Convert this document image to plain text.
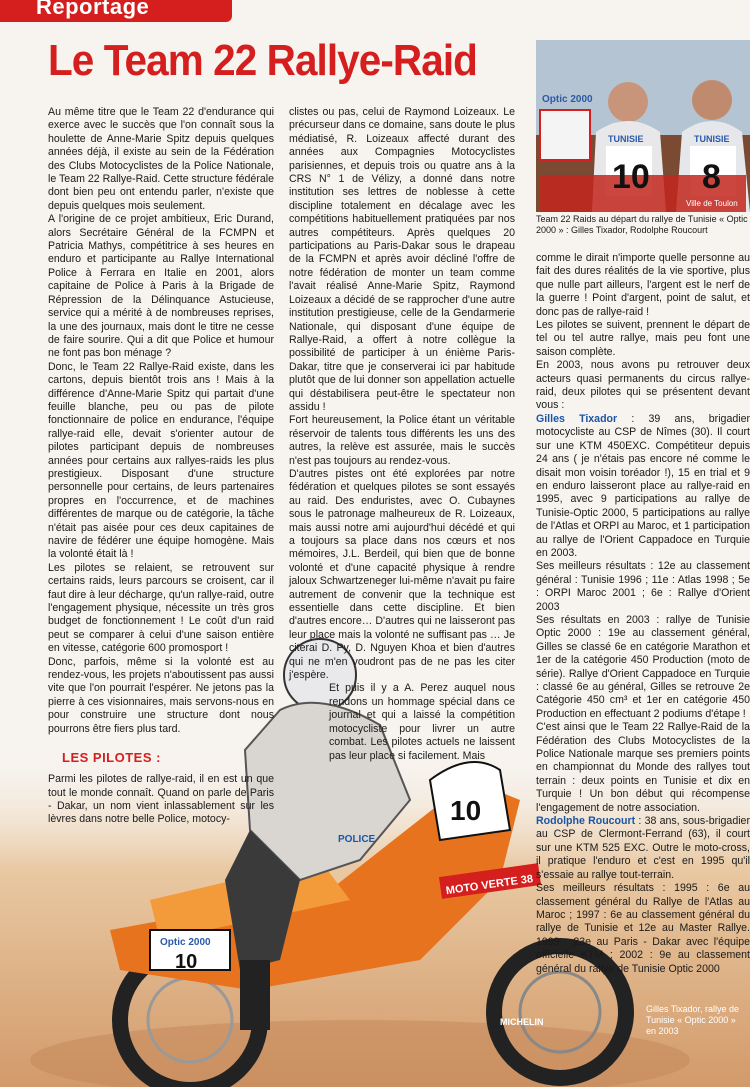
Reportage
Le Team 22 Rallye-Raid
Optic 2000
TUNISIE
10 8
TUNISIE
Ville de Toulon
Team 22 Raids au départ du rallye de Tunisie « Optic 2000 » : Gilles Tixador, Rodolphe Roucourt
10
MOTO VERTE 38
Optic 2000
10
POLICE
MICHELIN
Gilles Tixador, rallye de Tunisie « Optic 2000 » en 2003

Au même titre que le Team 22 d'endurance qui exerce avec le succès que l'on connaît sous la houlette de Anne-Marie Spitz depuis quelques années déjà, il existe au sein de la Fédération des Clubs Motocyclistes de la Police Nationale, le Team 22 Rallye-Raid. Cette structure fédérale dont bien peu ont entendu parler, n'existe que depuis quelques mois seulement.

A l'origine de ce projet ambitieux, Eric Durand, alors Secrétaire Général de la FCMPN et Patricia Mathys, compétitrice à ses heures en enduro et participante au Rallye International Police à Ferrara en Italie en 2001, alors capitaine de Police à Paris à la Brigade de Répression de la Délinquance Astucieuse, service qui a mérité à de nombreuses reprises, la une des journaux, mais dont le titre ne cesse de faire sourire. Qui a dit que Police et humour ne font pas bon ménage ?

Donc, le Team 22 Rallye-Raid existe, dans les cartons, depuis bientôt trois ans ! Mais à la différence d'Anne-Marie Spitz qui partait d'une feuille blanche, peu ou pas de pilote fonctionnaire de police en endurance, l'équipe rallye-raid elle, devait s'orienter autour de pilotes participant depuis de nombreuses années pour certains aux rallyes-raids les plus prestigieux. Disposant d'une structure personnelle pour certains, de leurs partenaires propres en l'occurrence, et de machines différentes de marque ou de catégorie, la tâche n'était pas aisée pour ces deux capitaines de navire de fédérer une équipe homogène. Mais la volonté était là !

Les pilotes se relaient, se retrouvent sur certains raids, leurs parcours se croisent, car il faut dire à leur décharge, qu'un rallye-raid, outre l'engagement physique, nécessite un très gros budget de fonctionnement ! Le coût d'un raid peut se comparer à celui d'une saison entière en vitesse, catégorie 600 promosport !

Donc, parfois, même si la volonté est au rendez-vous, les projets n'aboutissent pas aussi vite que l'on pourrait l'espérer. Ne jetons pas la pierre à ces visionnaires, mais servons-nous en pour construire une structure dont nous pourrons être fiers plus tard.

LES PILOTES :

Parmi les pilotes de rallye-raid, il en est un que tout le monde connaît. Quand on parle de Paris - Dakar, un nom vient inlassablement sur les lèvres dans notre belle Police, motocy-

clistes ou pas, celui de Raymond Loizeaux. Le précurseur dans ce domaine, sans doute le plus médiatisé, R. Loizeaux affecté durant des années aux Compagnies Motocyclistes parisiennes, et depuis trois ou quatre ans à la CRS N° 1 de Vélizy, a donné dans notre institution ses lettres de noblesse à cette discipline totalement en décalage avec les compétitions habituellement pratiquées par nos autres compétiteurs. Après quelques 20 participations au Paris-Dakar sous le drapeau de la FCMPN et après avoir décliné l'offre de notre fédération de monter un team comme l'avait réalisé Anne-Marie Spitz, Raymond Loizeaux a décidé de se rapprocher d'une autre institution prestigieuse, celle de la Gendarmerie Nationale, qui disposant d'une équipe de Rallye-Raid, a offert à notre collègue la possibilité de participer à un énième Paris-Dakar, titre que je conserverai ici par habitude plutôt que de lui donner son appellation actuelle qui déstabilisera peut-être le spectateur non assidu !

Fort heureusement, la Police étant un véritable réservoir de talents tous différents les uns des autres, la relève est assurée, mais le succès n'est pas toujours au rendez-vous.

D'autres pistes ont été explorées par notre fédération et quelques pilotes se sont essayés au raid. Des enduristes, avec O. Cubaynes sous le patronage malheureux de R. Loizeaux, mais aussi notre ami aujourd'hui décédé et qui a toujours sa place dans nos cœurs et nos mémoires, J.L. Berdeil, qui bien que de bonne volonté et d'une capacité physique à rendre jaloux Schwartzeneger lui-même n'avait pu faire autrement de convenir que la technique est essentielle dans cette discipline. Et bien d'autres encore… D'autres qui ne laisseront pas leur place mais la volonté ne suffisant pas … Je citerai D. Py, D. Nguyen Khoa et bien d'autres qui ne m'en voudront pas de ne pas les citer j'espère.

Et puis il y a A. Perez auquel nous rendons un hommage spécial dans ce journal et qui a laissé la compétition motocycliste pour livrer un autre combat. Les pilotes actuels ne laissent pas leur place si facilement. Mais

comme le dirait n'importe quelle personne au fait des dures réalités de la vie sportive, plus que nulle part ailleurs, l'argent est le nerf de la guerre ! Point d'argent, point de salut, et donc pas de rallye-raid !

Les pilotes se suivent, prennent le départ de tel ou tel autre rallye, mais peu font une saison complète.

En 2003, nous avons pu retrouver deux acteurs quasi permanents du circus rallye-raid, deux pilotes qui se présentent devant vous :

Gilles Tixador : 39 ans, brigadier motocycliste au CSP de Nîmes (30). Il court sur une KTM 450EXC. Compétiteur depuis 24 ans ( je n'étais pas encore né comme le disait mon voisin toréador !), 15 en trial et 9 en enduro laisseront place au rallye-raid en 1995, avec 9 participations au rallye de Tunisie-Optic 2000, 5 participations au rallye de l'Atlas et ORPI au Maroc, et 1 participation au rallye de l'Orient Cappadoce en Turquie en 2003.

Ses meilleurs résultats : 12e au classement général : Tunisie 1996 ; 11e : Atlas 1998 ; 5e : ORPI Maroc 2001 ; 6e : Rallye d'Orient 2003

Ses résultats en 2003 : rallye de Tunisie Optic 2000 : 19e au classement général, Gilles se classé 6e en catégorie Marathon et 1er de la catégorie 450 Production (moto de série). Rallye d'Orient Cappadoce en Turquie : classé 6e au général, Gilles se retrouve 2e Catégorie 450 cm³ et 1er en catégorie 450 Production en effectuant 2 podiums d'étape !

C'est ainsi que le Team 22 Rallye-Raid de la Fédération des Clubs Motocyclistes de la Police Nationale marque ses premiers points en championnat du Monde des rallyes tout terrain : deux points en Tunisie et dix en Turquie ! Un bon début qui récompense l'engagement de notre association.

Rodolphe Roucourt : 38 ans, sous-brigadier au CSP de Clermont-Ferrand (63), il court sur une KTM 525 EXC. Outre le moto-cross, il pratique l'enduro et c'est en 1995 qu'il s'essaie au rallye tout-terrain.

Ses meilleurs résultats : 1995 : 6e au classement général du Rallye de l'Atlas au Maroc ; 1997 : 6e au classement général du rallye de Tunisie et 12e au Master Rallye. 1999 : 23e au Paris - Dakar avec l'équipe officielle KTM ; 2002 : 9e au classement général du rallye de Tunisie Optic 2000
